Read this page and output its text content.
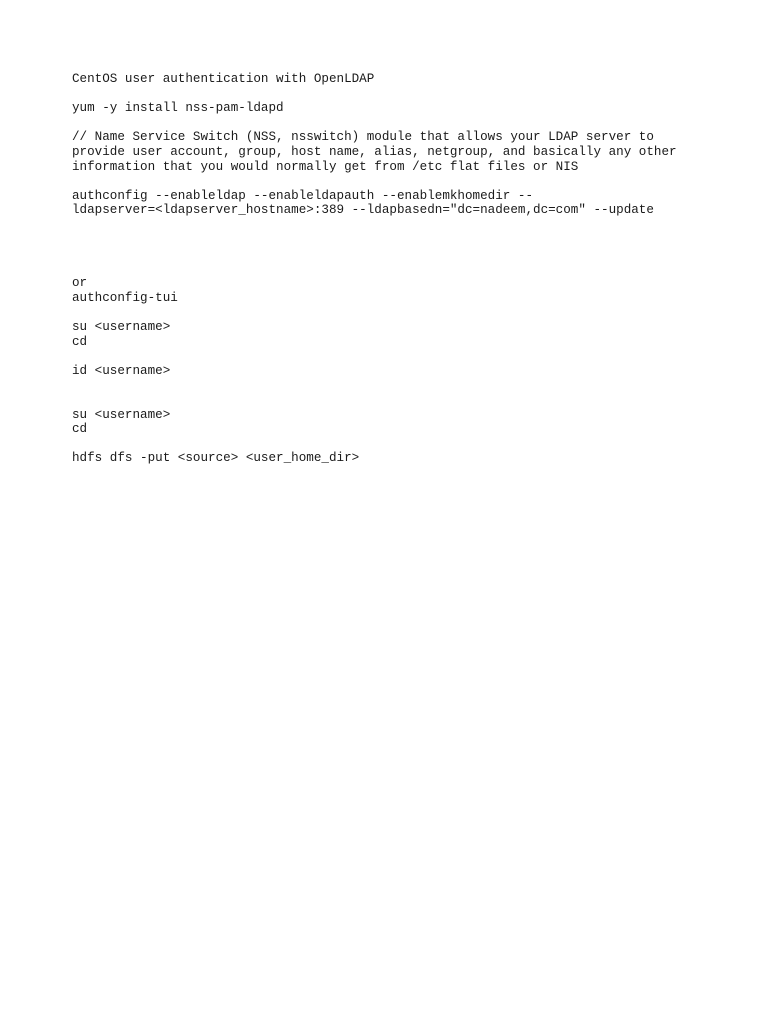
CentOS user authentication with OpenLDAP
yum -y install nss-pam-ldapd
// Name Service Switch (NSS, nsswitch) module that allows your LDAP server to
provide user account, group, host name, alias, netgroup, and basically any other
information that you would normally get from /etc flat files or NIS
authconfig --enableldap --enableldapauth --enablemkhomedir --
ldapserver=<ldapserver_hostname>:389 --ldapbasedn="dc=nadeem,dc=com" --update
or
authconfig-tui
su <username>
cd
id <username>
su <username>
cd
hdfs dfs -put <source> <user_home_dir>
